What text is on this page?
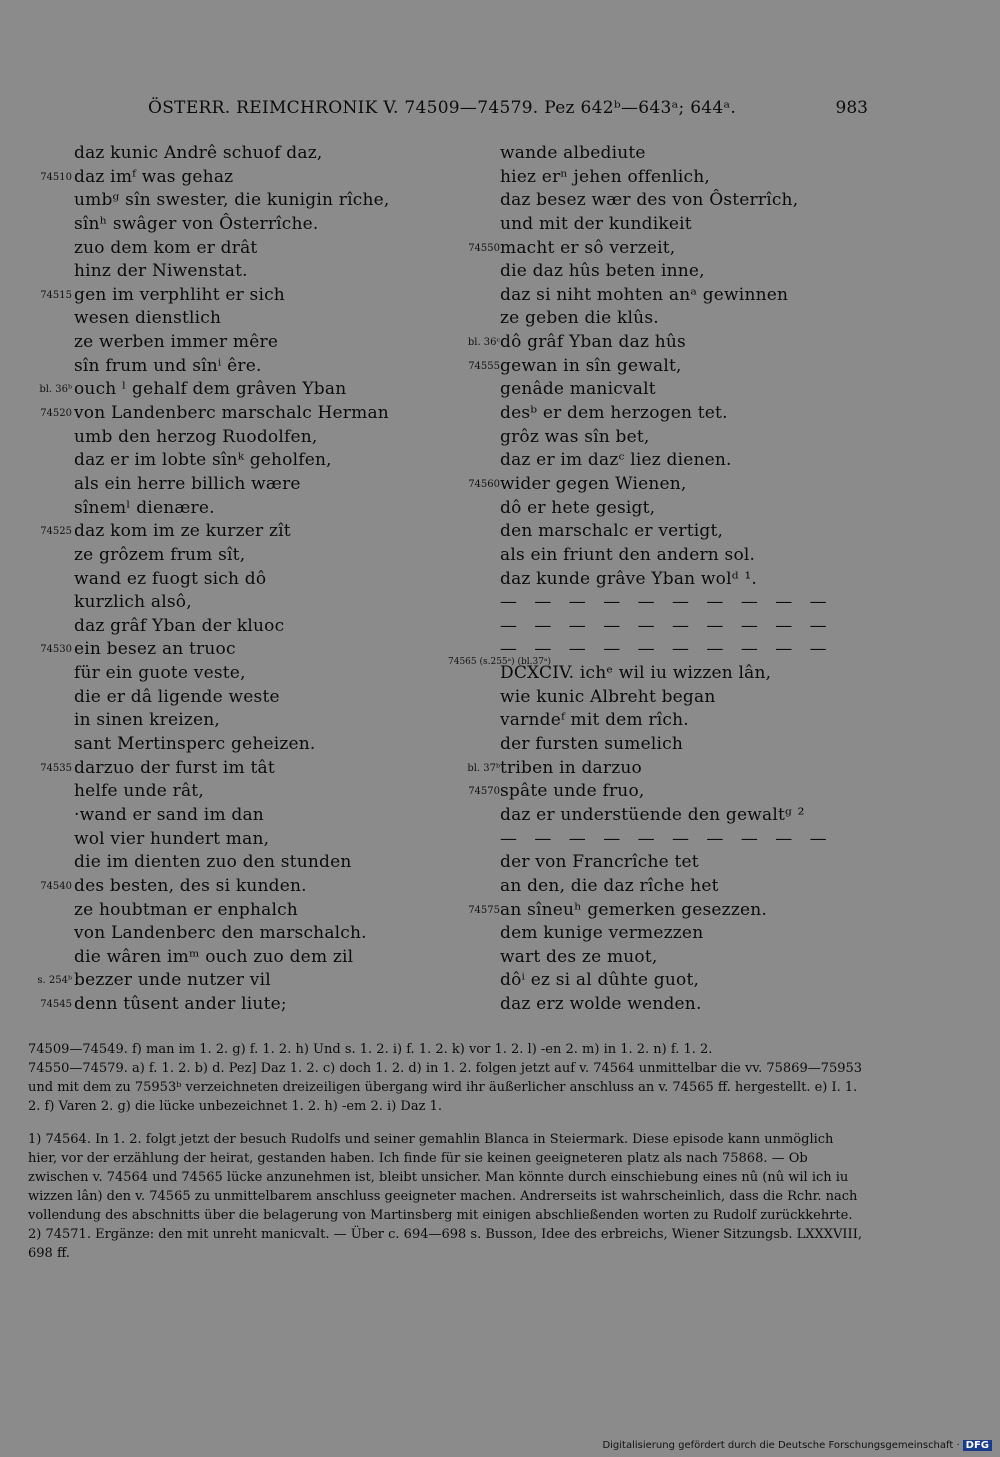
ÖSTERR. REIMCHRONIK V. 74509—74579. Pez 642ᵇ—643ᵃ; 644ᵃ.	983
daz kunic Andrê schuof daz,
74510 daz imᶠ was gehaz
umbᵍ sîn swester, die kunigin rîche,
sînʰ swâger von Ôsterrîche.
zuo dem kom er drât
hinz der Niwenstat.
74515 gen im verphliht er sich
wesen dienstlich
ze werben immer mêre
sîn frum und sînⁱ êre.
bl. 36ᵇ ouch ˡ gehalf dem grâven Yban
74520 von Landenberc marschalc Herman
umb den herzog Ruodolfen,
daz er im lobte sînᵏ geholfen,
als ein herre billich wære
sînemˡ dienære.
74525 daz kom im ze kurzer zît
ze grôzem frum sît,
wand ez fuogt sich dô
kurzlich alsô,
daz grâf Yban der kluoc
74530 ein besez an truoc
für ein guote veste,
die er dâ ligende weste
in sinen kreizen,
sant Mertinsperc geheizen.
74535 darzuo der furst im tât
helfe unde rât,
·wand er sand im dan
wol vier hundert man,
die im dienten zuo den stunden
74540 des besten, des si kunden.
ze houbtman er enphalch
von Landenberc den marschalch.
die wâren imᵐ ouch zuo dem zil
s. 254ᵇ bezzer unde nutzer vil
74545 denn tûsent ander liute;
wande albediute
hiez erⁿ jehen offenlich,
daz besez wær des von Ôsterrîch,
und mit der kundikeit
74550 macht er sô verzeit,
die daz hûs beten inne,
daz si niht mohten anᵃ gewinnen
ze geben die klûs.
bl. 36ᶜ dô grâf Yban daz hûs
74555 gewan in sîn gewalt,
genâde manicvalt
desᵇ er dem herzogen tet.
grôz was sîn bet,
daz er im dazᶜ liez dienen.
74560 wider gegen Wienen,
dô er hete gesigt,
den marschalc er vertigt,
als ein friunt den andern sol.
daz kunde grâve Yban wolᵈ ¹.
— — — — — — — — — —
— — — — — — — — — —
— — — — — — — — — —
74565 (s.255ᵃ) (bl.37ᵃ)
DCXCIV. ichᵉ wil iu wizzen lân,
wie kunic Albreht began
varndeᶠ mit dem rîch.
der fursten sumelich
bl. 37ᵇ triben in darzuo
74570 spâte unde fruo,
daz er understüende den gewaltᵍ ²
— — — — — — — — — —
der von Francrîche tet
an den, die daz rîche het
74575 an sîneuʰ gemerken gesezzen.
dem kunige vermezzen
wart des ze muot,
dôⁱ ez si al dûhte guot,
daz erz wolde wenden.

74509—74549. f) man im 1. 2. g) f. 1. 2. h) Und s. 1. 2. i) f. 1. 2. k) vor 1. 2. l) -en 2. m) in 1. 2. n) f. 1. 2.

74550—74579. a) f. 1. 2. b) d. Pez] Daz 1. 2. c) doch 1. 2. d) in 1. 2. folgen jetzt auf v. 74564 unmittelbar die vv. 75869—75953 und mit dem zu 75953ᵇ verzeichneten dreizeiligen übergang wird ihr äußerlicher anschluss an v. 74565 ff. hergestellt. e) I. 1. 2. f) Varen 2. g) die lücke unbezeichnet 1. 2. h) -em 2. i) Daz 1.

1) 74564. In 1. 2. folgt jetzt der besuch Rudolfs und seiner gemahlin Blanca in Steiermark. Diese episode kann unmöglich hier, vor der erzählung der heirat, gestanden haben. Ich finde für sie keinen geeigneteren platz als nach 75868. — Ob zwischen v. 74564 und 74565 lücke anzunehmen ist, bleibt unsicher. Man könnte durch einschiebung eines nû (nû wil ich iu wizzen lân) den v. 74565 zu unmittelbarem anschluss geeigneter machen. Andrerseits ist wahrscheinlich, dass die Rchr. nach vollendung des abschnitts über die belagerung von Martinsberg mit einigen abschließenden worten zu Rudolf zurückkehrte. 2) 74571. Ergänze: den mit unreht manicvalt. — Über c. 694—698 s. Busson, Idee des erbreichs, Wiener Sitzungsb. LXXXVIII, 698 ff.

Digitalisierung gefördert durch die Deutsche Forschungsgemeinschaft · DFG
